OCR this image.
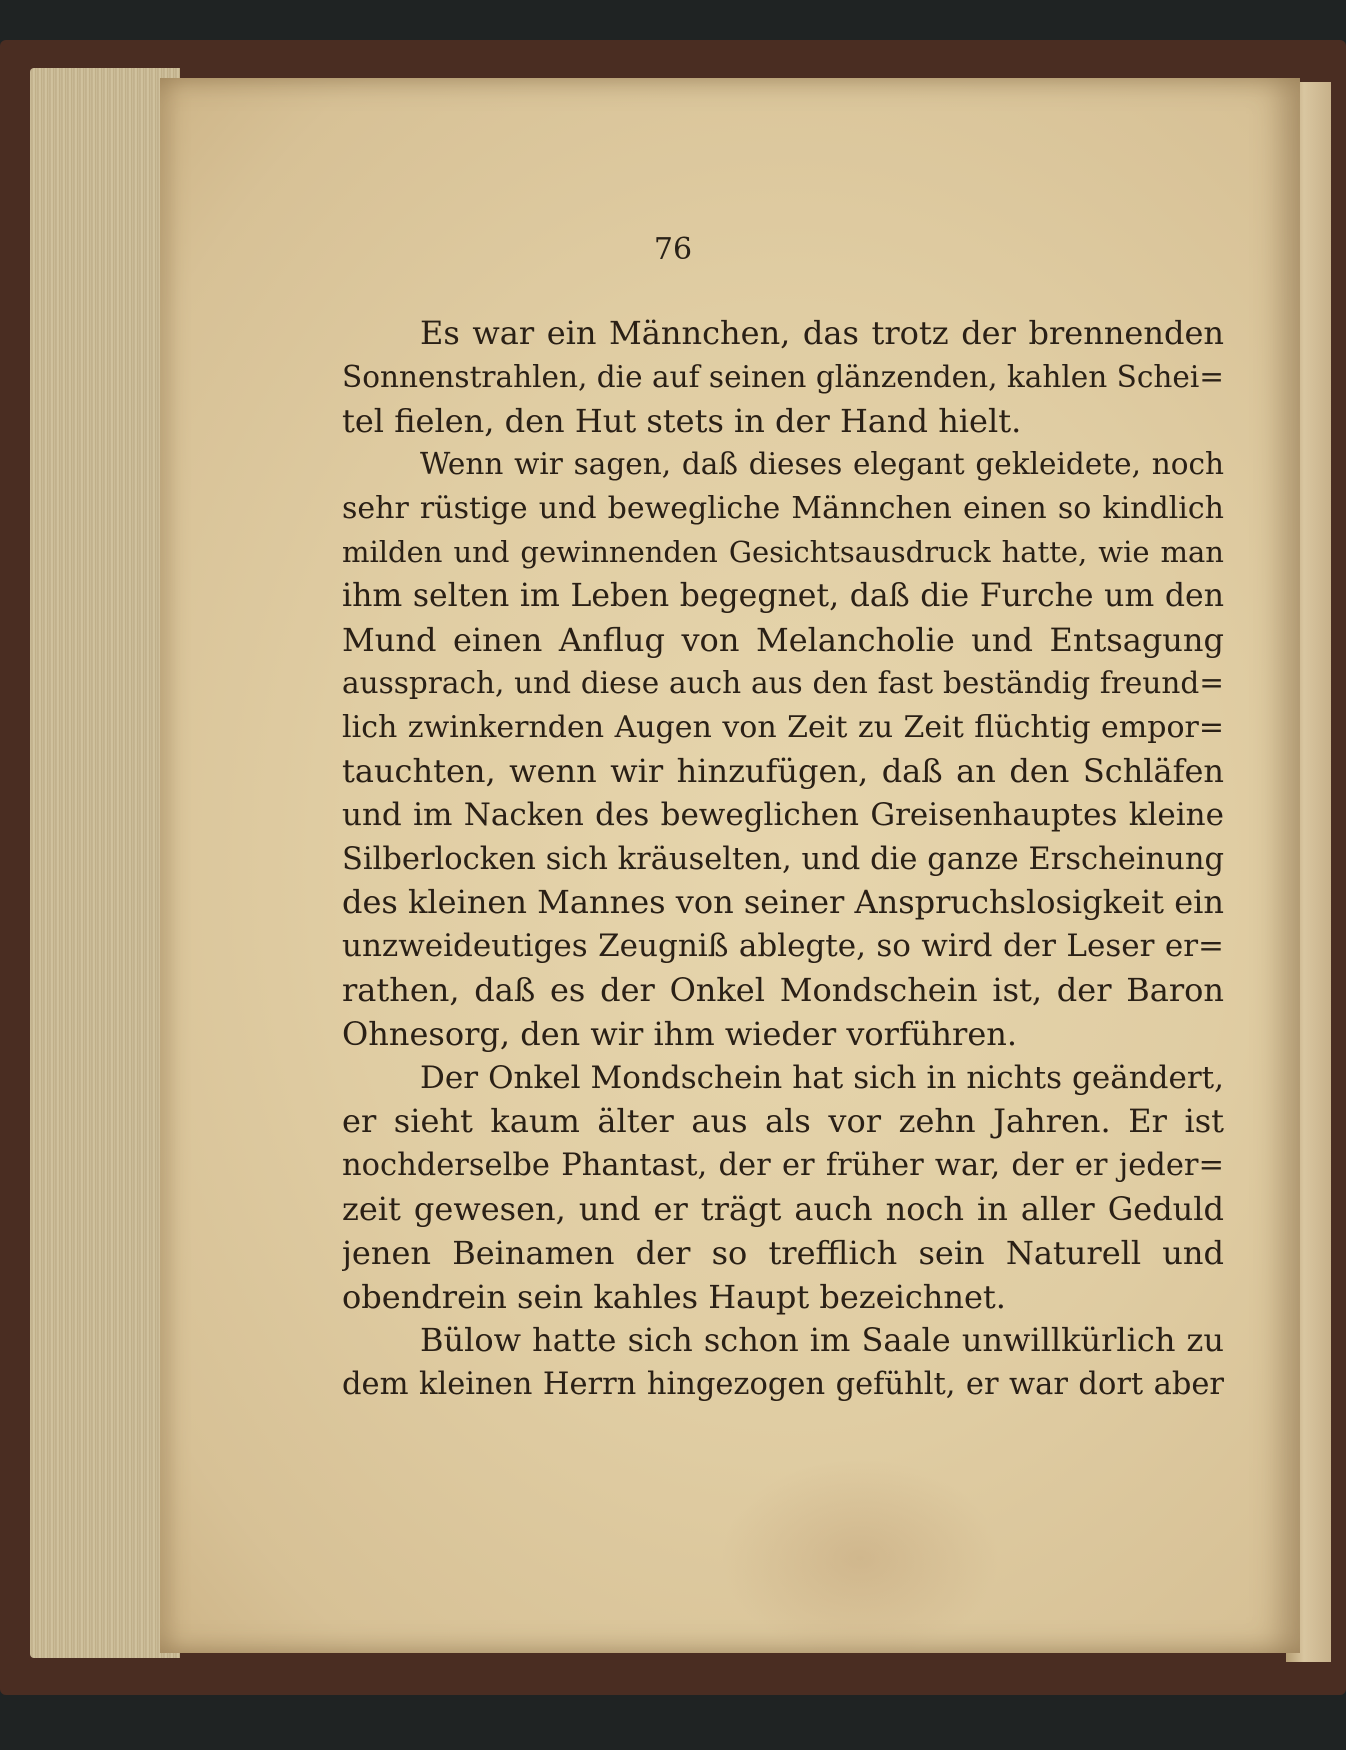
76
Es war ein Männchen, das trotz der brennenden
Sonnenstrahlen, die auf seinen glänzenden, kahlen Schei=
tel fielen, den Hut stets in der Hand hielt.
Wenn wir sagen, daß dieses elegant gekleidete, noch
sehr rüstige und bewegliche Männchen einen so kindlich
milden und gewinnenden Gesichtsausdruck hatte, wie man
ihm selten im Leben begegnet, daß die Furche um den
Mund einen Anflug von Melancholie und Entsagung
aussprach, und diese auch aus den fast beständig freund=
lich zwinkernden Augen von Zeit zu Zeit flüchtig empor=
tauchten, wenn wir hinzufügen, daß an den Schläfen
und im Nacken des beweglichen Greisenhauptes kleine
Silberlocken sich kräuselten, und die ganze Erscheinung
des kleinen Mannes von seiner Anspruchslosigkeit ein
unzweideutiges Zeugniß ablegte, so wird der Leser er=
rathen, daß es der Onkel Mondschein ist, der Baron
Ohnesorg, den wir ihm wieder vorführen.
Der Onkel Mondschein hat sich in nichts geändert,
er sieht kaum älter aus als vor zehn Jahren. Er ist
nochderselbe Phantast, der er früher war, der er jeder=
zeit gewesen, und er trägt auch noch in aller Geduld
jenen Beinamen der so trefflich sein Naturell und
obendrein sein kahles Haupt bezeichnet.
Bülow hatte sich schon im Saale unwillkürlich zu
dem kleinen Herrn hingezogen gefühlt, er war dort aber
